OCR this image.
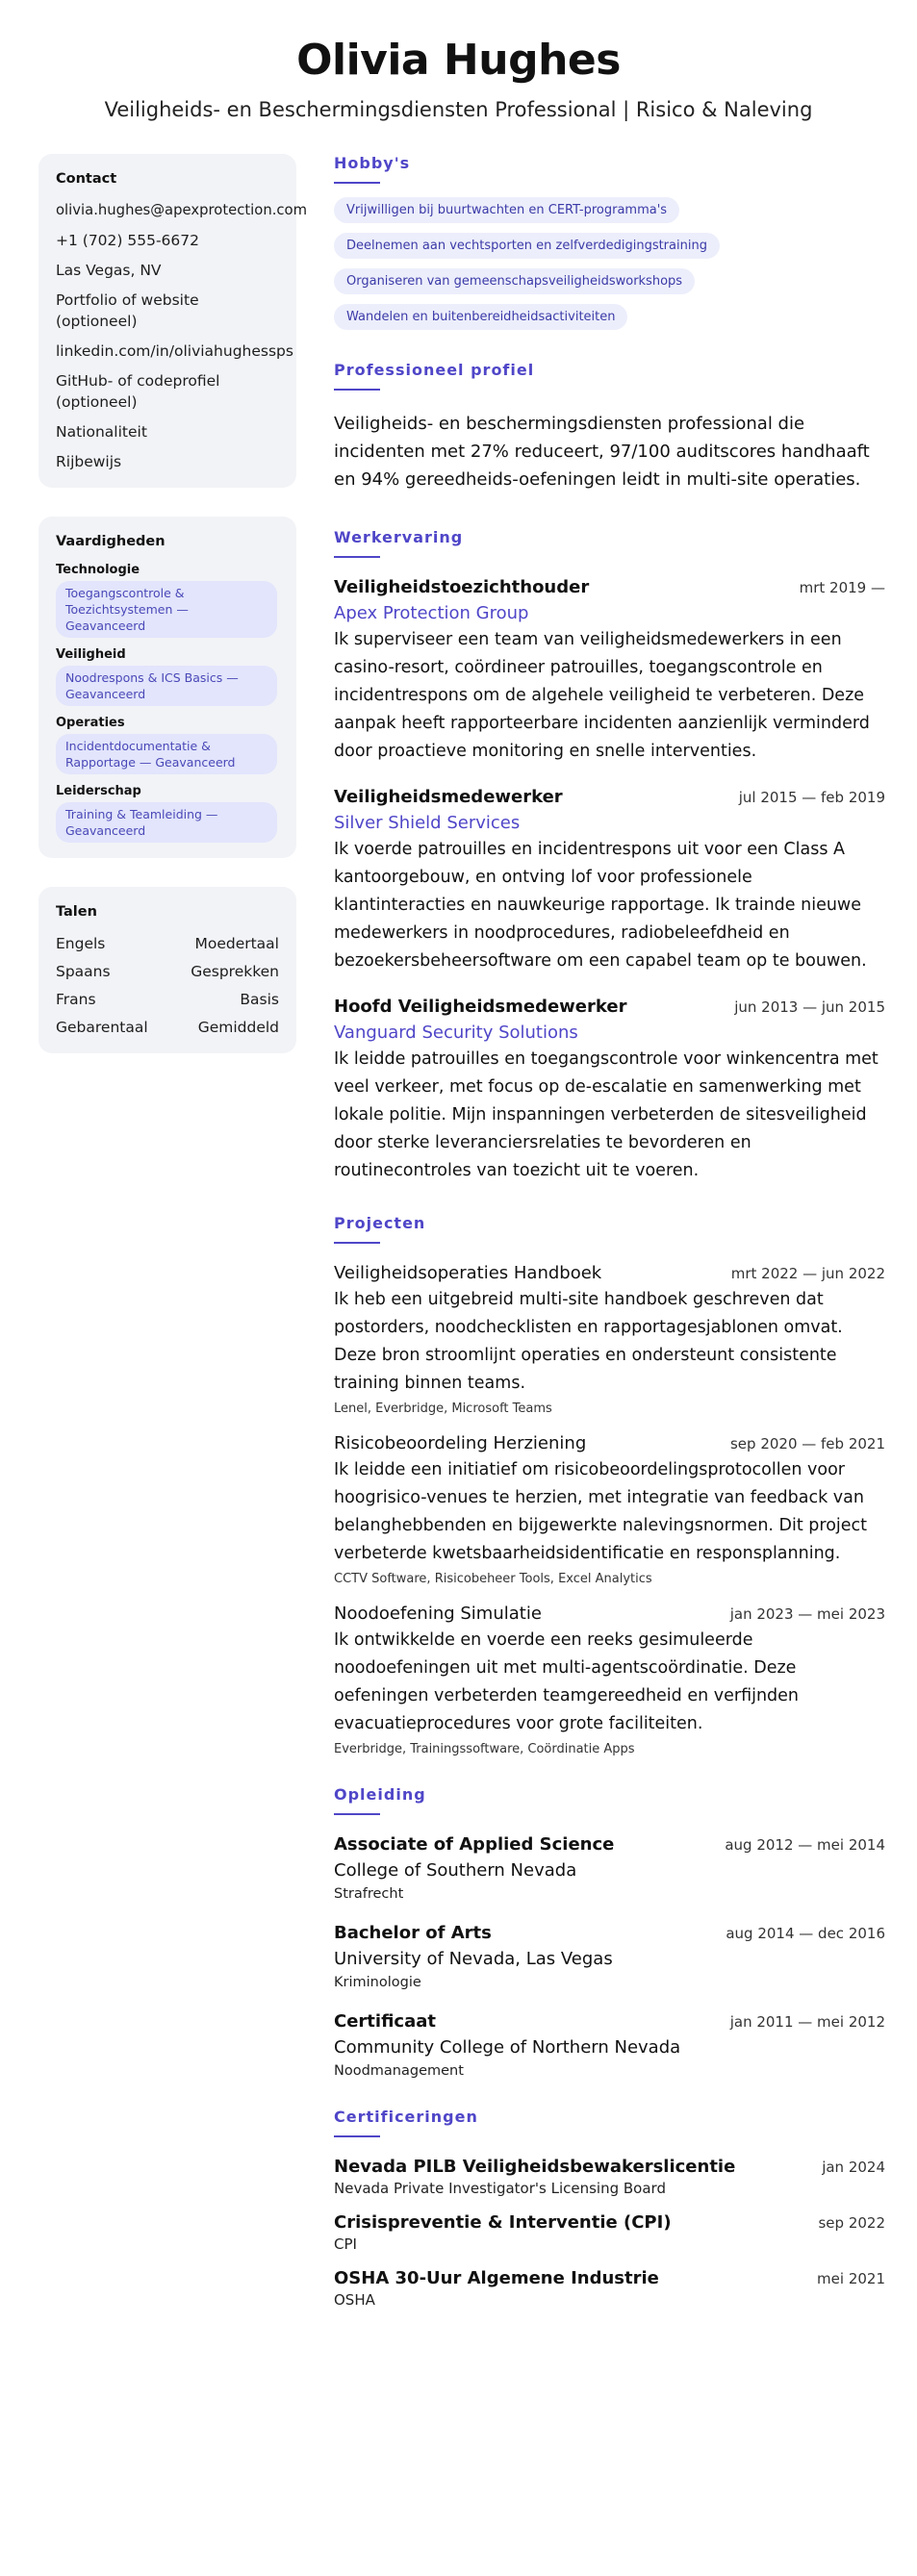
Olivia Hughes
Veiligheids- en Beschermingsdiensten Professional | Risico & Naleving
Contact
olivia.hughes@apexprotection.com
+1 (702) 555-6672
Las Vegas, NV
Portfolio of website (optioneel)
linkedin.com/in/oliviahughessps
GitHub- of codeprofiel (optioneel)
Nationaliteit
Rijbewijs
Vaardigheden
Technologie
Toegangscontrole & Toezichtsystemen — Geavanceerd
Veiligheid
Noodrespons & ICS Basics — Geavanceerd
Operaties
Incidentdocumentatie & Rapportage — Geavanceerd
Leiderschap
Training & Teamleiding — Geavanceerd
Talen
Engels	Moedertaal
Spaans	Gesprekken
Frans	Basis
Gebarentaal	Gemiddeld
Hobby's
Vrijwilligen bij buurtwachten en CERT-programma's
Deelnemen aan vechtsporten en zelfverdedigingstraining
Organiseren van gemeenschapsveiligheidsworkshops
Wandelen en buitenbereidheidsactiviteiten
Professioneel profiel
Veiligheids- en beschermingsdiensten professional die incidenten met 27% reduceert, 97/100 auditscores handhaaft en 94% gereedheids-oefeningen leidt in multi-site operaties.
Werkervaring
Veiligheidstoezichthouder	mrt 2019 —
Apex Protection Group
Ik superviseer een team van veiligheidsmedewerkers in een casino-resort, coördineer patrouilles, toegangscontrole en incidentrespons om de algehele veiligheid te verbeteren. Deze aanpak heeft rapporteerbare incidenten aanzienlijk verminderd door proactieve monitoring en snelle interventies.
Veiligheidsmedewerker	jul 2015 — feb 2019
Silver Shield Services
Ik voerde patrouilles en incidentrespons uit voor een Class A kantoorgebouw, en ontving lof voor professionele klantinteracties en nauwkeurige rapportage. Ik trainde nieuwe medewerkers in noodprocedures, radiobeleefdheid en bezoekersbeheersoftware om een capabel team op te bouwen.
Hoofd Veiligheidsmedewerker	jun 2013 — jun 2015
Vanguard Security Solutions
Ik leidde patrouilles en toegangscontrole voor winkencentra met veel verkeer, met focus op de-escalatie en samenwerking met lokale politie. Mijn inspanningen verbeterden de sitesveiligheid door sterke leveranciersrelaties te bevorderen en routinecontroles van toezicht uit te voeren.
Projecten
Veiligheidsoperaties Handboek	mrt 2022 — jun 2022
Ik heb een uitgebreid multi-site handboek geschreven dat postorders, noodchecklisten en rapportagesjablonen omvat. Deze bron stroomlijnt operaties en ondersteunt consistente training binnen teams.
Lenel, Everbridge, Microsoft Teams
Risicobeoordeling Herziening	sep 2020 — feb 2021
Ik leidde een initiatief om risicobeoordelingsprotocollen voor hoogrisico-venues te herzien, met integratie van feedback van belanghebbenden en bijgewerkte nalevingsnormen. Dit project verbeterde kwetsbaarheidsidentificatie en responsplanning.
CCTV Software, Risicobeheer Tools, Excel Analytics
Noodoefening Simulatie	jan 2023 — mei 2023
Ik ontwikkelde en voerde een reeks gesimuleerde noodoefeningen uit met multi-agentscoördinatie. Deze oefeningen verbeterden teamgereedheid en verfijnden evacuatieprocedures voor grote faciliteiten.
Everbridge, Trainingssoftware, Coördinatie Apps
Opleiding
Associate of Applied Science	aug 2012 — mei 2014
College of Southern Nevada
Strafrecht
Bachelor of Arts	aug 2014 — dec 2016
University of Nevada, Las Vegas
Kriminologie
Certificaat	jan 2011 — mei 2012
Community College of Northern Nevada
Noodmanagement
Certificeringen
Nevada PILB Veiligheidsbewakerslicentie	jan 2024
Nevada Private Investigator's Licensing Board
Crisispreventie & Interventie (CPI)	sep 2022
CPI
OSHA 30-Uur Algemene Industrie	mei 2021
OSHA
